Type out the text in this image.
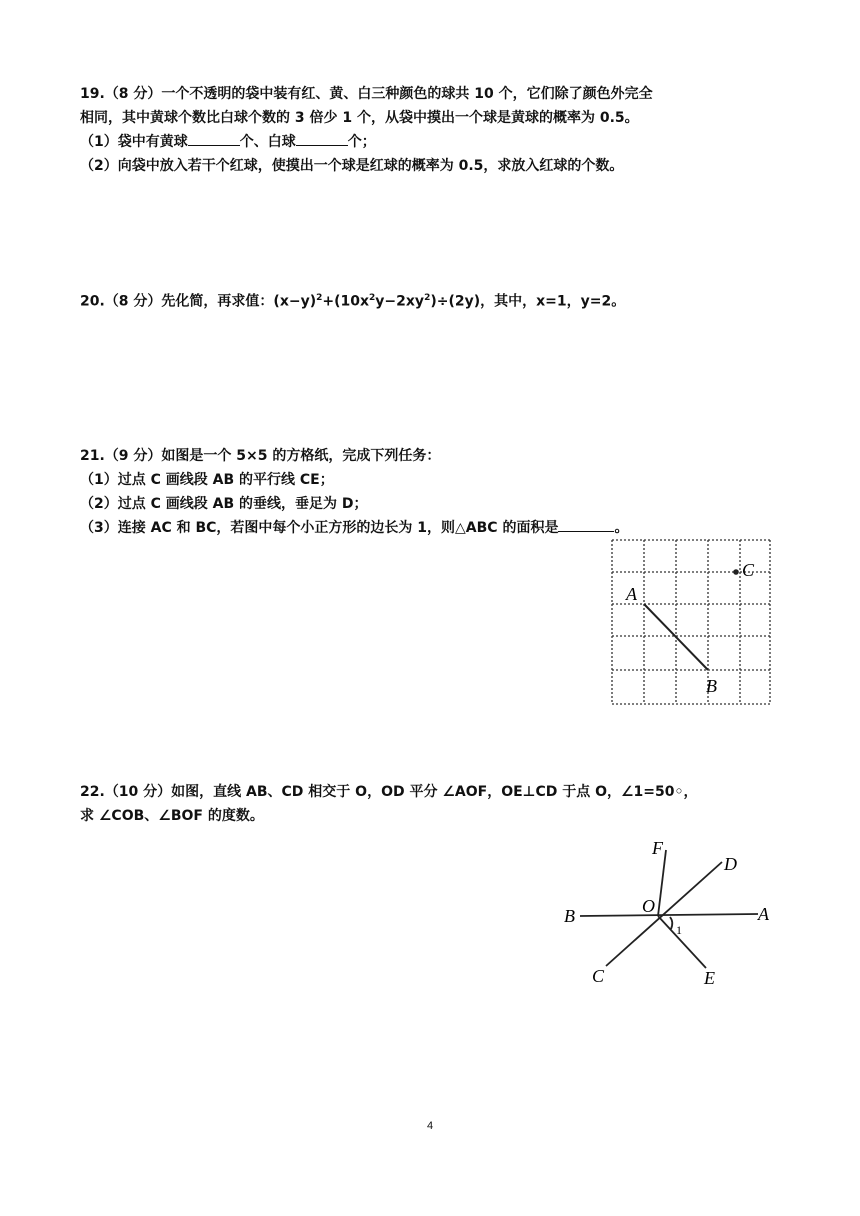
19.（8 分）一个不透明的袋中装有红、黄、白三种颜色的球共 10 个，它们除了颜色外完全

相同，其中黄球个数比白球个数的 3 倍少 1 个，从袋中摸出一个球是黄球的概率为 0.5。

（1）袋中有黄球	个、白球	个；

（2）向袋中放入若干个红球，使摸出一个球是红球的概率为 0.5，求放入红球的个数。

20.（8 分）先化简，再求值：$(x-y)^2+(10x^2y-2xy^2)\div(2y)$，其中，x=1，y=2。

21.（9 分）如图是一个 5×5 的方格纸，完成下列任务：

（1）过点 C 画线段 AB 的平行线 CE；

（2）过点 C 画线段 AB 的垂线，垂足为 D；

（3）连接 AC 和 BC，若图中每个小正方形的边长为 1，则△ABC 的面积是	。

A
B
C

22.（10 分）如图，直线 AB、CD 相交于 O，OD 平分 ∠AOF，OE⊥CD 于点 O，∠1=50◦，

求 ∠COB、∠BOF 的度数。

F
D
B	O	A
C	E
1
4
